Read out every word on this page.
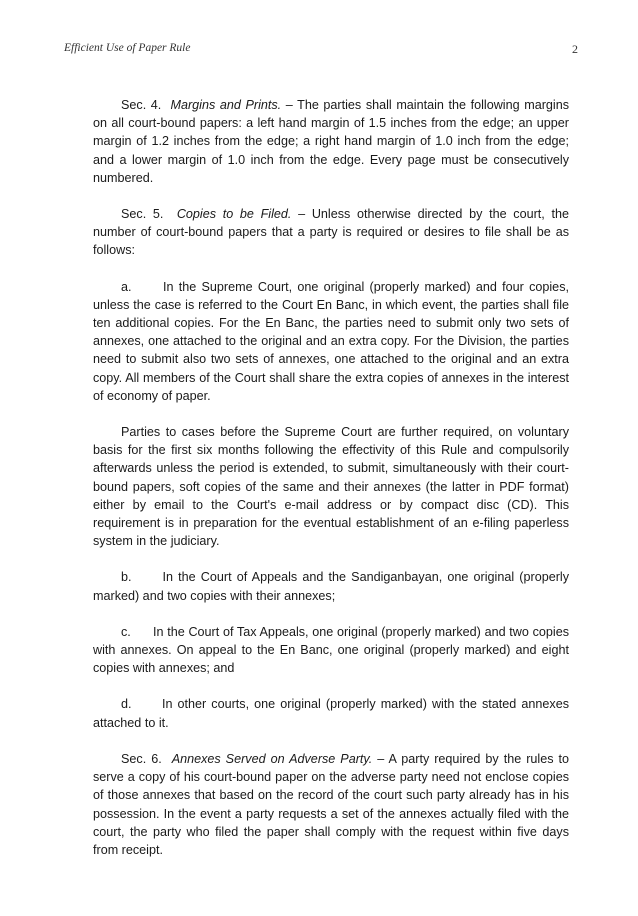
Efficient Use of Paper Rule	2

Sec. 4. Margins and Prints. – The parties shall maintain the following margins on all court-bound papers: a left hand margin of 1.5 inches from the edge; an upper margin of 1.2 inches from the edge; a right hand margin of 1.0 inch from the edge; and a lower margin of 1.0 inch from the edge. Every page must be consecutively numbered.

Sec. 5. Copies to be Filed. – Unless otherwise directed by the court, the number of court-bound papers that a party is required or desires to file shall be as follows:

a. In the Supreme Court, one original (properly marked) and four copies, unless the case is referred to the Court En Banc, in which event, the parties shall file ten additional copies. For the En Banc, the parties need to submit only two sets of annexes, one attached to the original and an extra copy. For the Division, the parties need to submit also two sets of annexes, one attached to the original and an extra copy. All members of the Court shall share the extra copies of annexes in the interest of economy of paper.

Parties to cases before the Supreme Court are further required, on voluntary basis for the first six months following the effectivity of this Rule and compulsorily afterwards unless the period is extended, to submit, simultaneously with their court-bound papers, soft copies of the same and their annexes (the latter in PDF format) either by email to the Court's e-mail address or by compact disc (CD). This requirement is in preparation for the eventual establishment of an e-filing paperless system in the judiciary.

b. In the Court of Appeals and the Sandiganbayan, one original (properly marked) and two copies with their annexes;

c. In the Court of Tax Appeals, one original (properly marked) and two copies with annexes. On appeal to the En Banc, one original (properly marked) and eight copies with annexes; and

d. In other courts, one original (properly marked) with the stated annexes attached to it.

Sec. 6. Annexes Served on Adverse Party. – A party required by the rules to serve a copy of his court-bound paper on the adverse party need not enclose copies of those annexes that based on the record of the court such party already has in his possession. In the event a party requests a set of the annexes actually filed with the court, the party who filed the paper shall comply with the request within five days from receipt.
